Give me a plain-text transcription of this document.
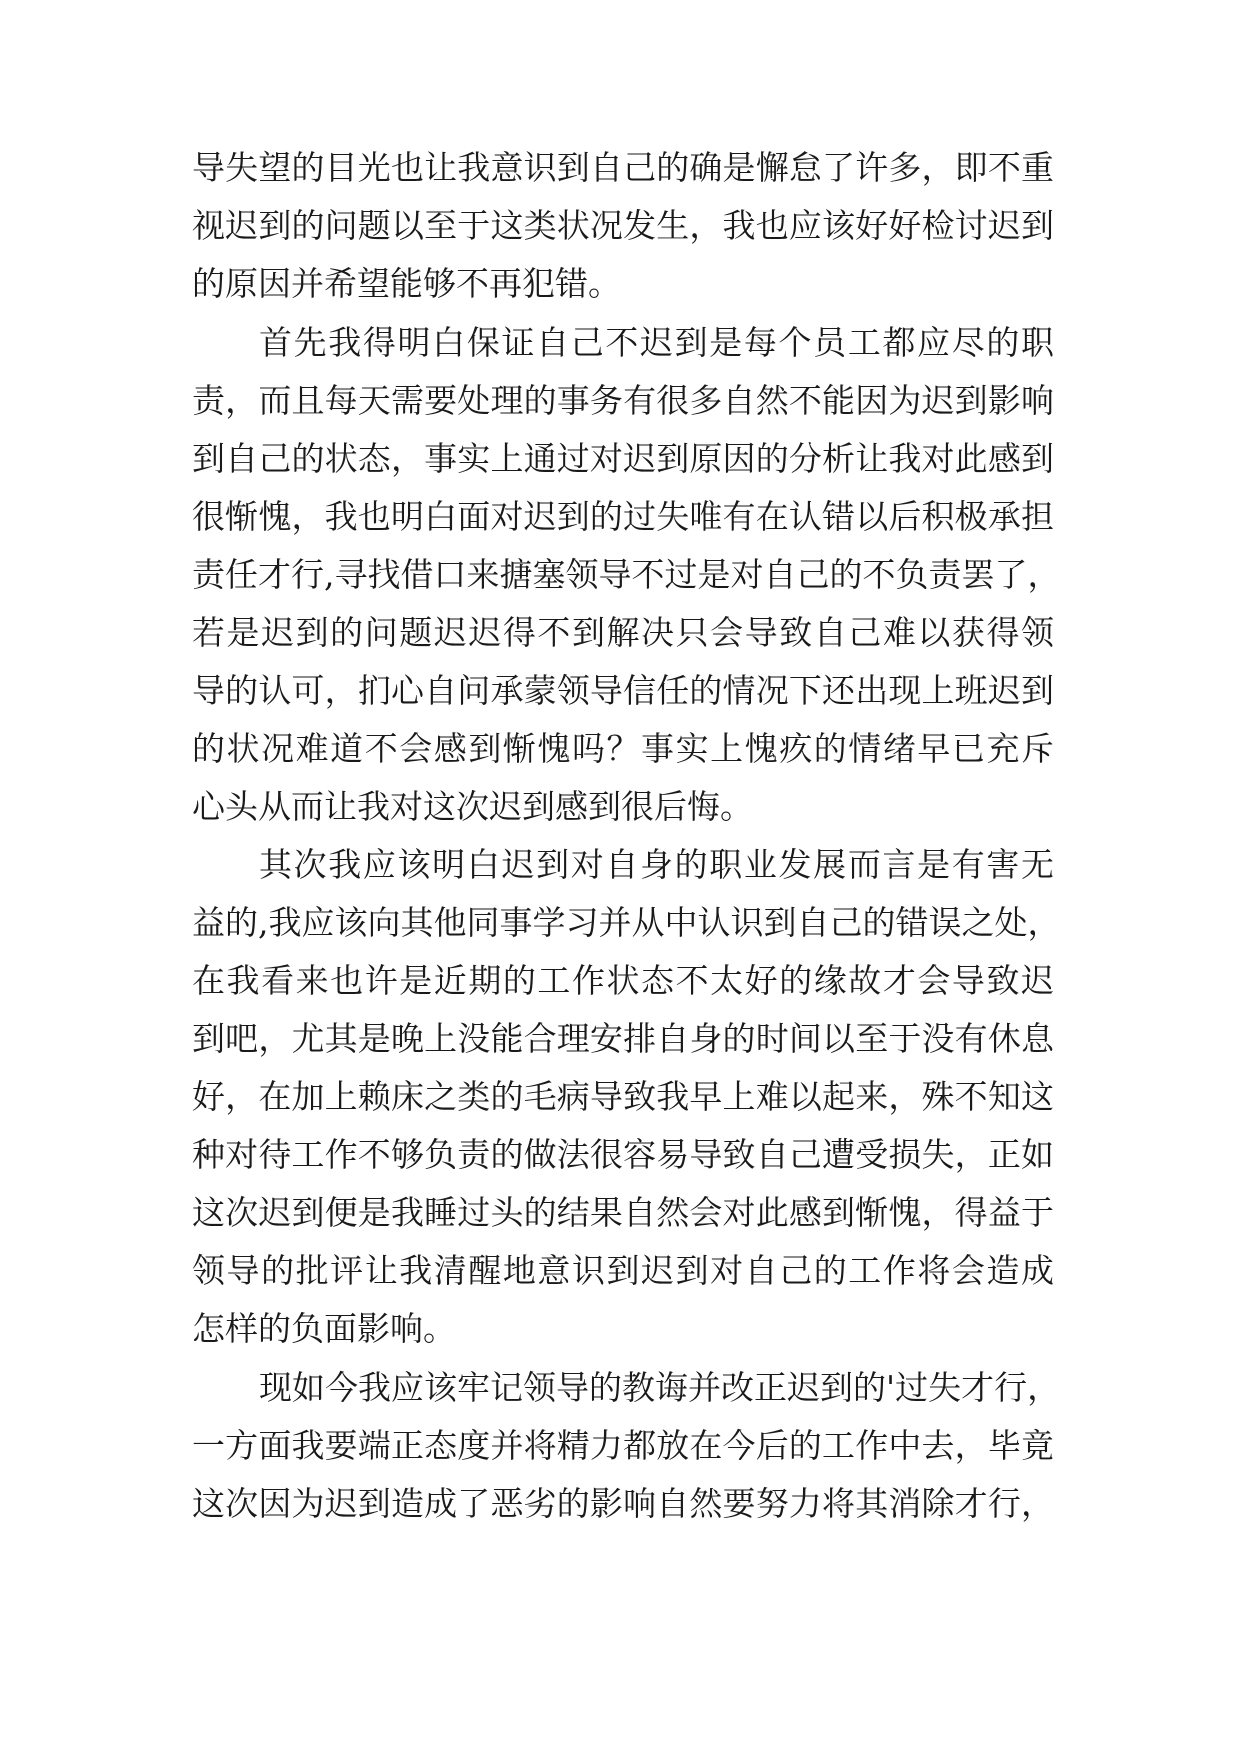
导失望的目光也让我意识到自己的确是懈怠了许多，即不重
视迟到的问题以至于这类状况发生，我也应该好好检讨迟到
的原因并希望能够不再犯错。
首先我得明白保证自己不迟到是每个员工都应尽的职
责，而且每天需要处理的事务有很多自然不能因为迟到影响
到自己的状态，事实上通过对迟到原因的分析让我对此感到
很惭愧，我也明白面对迟到的过失唯有在认错以后积极承担
责任才行,寻找借口来搪塞领导不过是对自己的不负责罢了，
若是迟到的问题迟迟得不到解决只会导致自己难以获得领
导的认可，扪心自问承蒙领导信任的情况下还出现上班迟到
的状况难道不会感到惭愧吗？事实上愧疚的情绪早已充斥
心头从而让我对这次迟到感到很后悔。
其次我应该明白迟到对自身的职业发展而言是有害无
益的,我应该向其他同事学习并从中认识到自己的错误之处，
在我看来也许是近期的工作状态不太好的缘故才会导致迟
到吧，尤其是晚上没能合理安排自身的时间以至于没有休息
好，在加上赖床之类的毛病导致我早上难以起来，殊不知这
种对待工作不够负责的做法很容易导致自己遭受损失，正如
这次迟到便是我睡过头的结果自然会对此感到惭愧，得益于
领导的批评让我清醒地意识到迟到对自己的工作将会造成
怎样的负面影响。
现如今我应该牢记领导的教诲并改正迟到的'过失才行，
一方面我要端正态度并将精力都放在今后的工作中去，毕竟
这次因为迟到造成了恶劣的影响自然要努力将其消除才行，
